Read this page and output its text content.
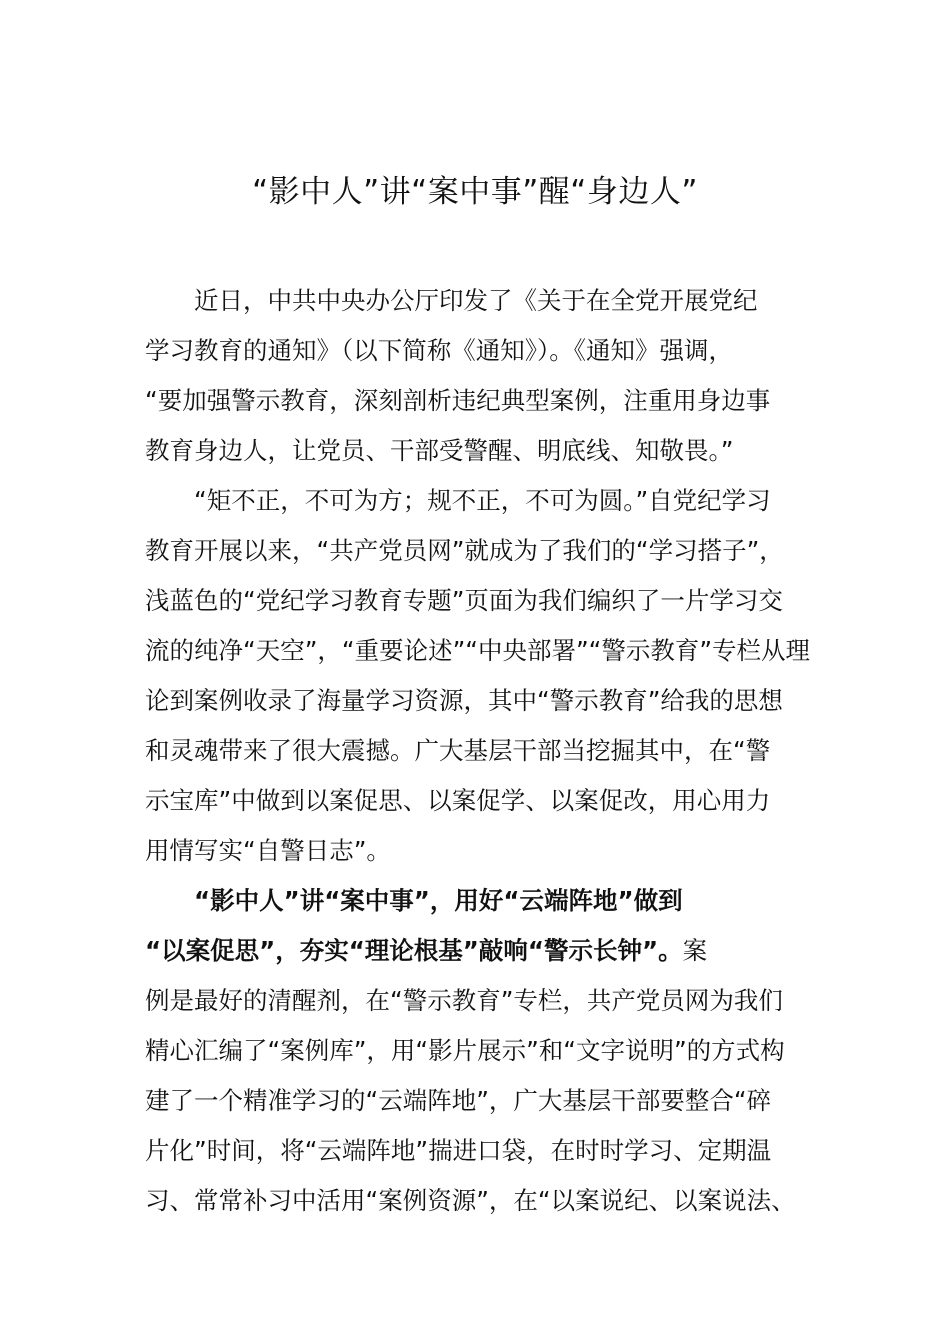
“影中人”讲“案中事”醒“身边人”
近日，中共中央办公厅印发了《关于在全党开展党纪
学习教育的通知》（以下简称《通知》）。《通知》强调，
“要加强警示教育，深刻剖析违纪典型案例，注重用身边事
教育身边人，让党员、干部受警醒、明底线、知敬畏。”
“矩不正，不可为方；规不正，不可为圆。”自党纪学习
教育开展以来，“共产党员网”就成为了我们的“学习搭子”，
浅蓝色的“党纪学习教育专题”页面为我们编织了一片学习交
流的纯净“天空”，“重要论述”“中央部署”“警示教育”专栏从理
论到案例收录了海量学习资源，其中“警示教育”给我的思想
和灵魂带来了很大震撼。广大基层干部当挖掘其中，在“警
示宝库”中做到以案促思、以案促学、以案促改，用心用力
用情写实“自警日志”。
“影中人”讲“案中事”，用好“云端阵地”做到
“以案促思”，夯实“理论根基”敲响“警示长钟”。案
例是最好的清醒剂，在“警示教育”专栏，共产党员网为我们
精心汇编了“案例库”，用“影片展示”和“文字说明”的方式构
建了一个精准学习的“云端阵地”，广大基层干部要整合“碎
片化”时间，将“云端阵地”揣进口袋，在时时学习、定期温
习、常常补习中活用“案例资源”，在“以案说纪、以案说法、
